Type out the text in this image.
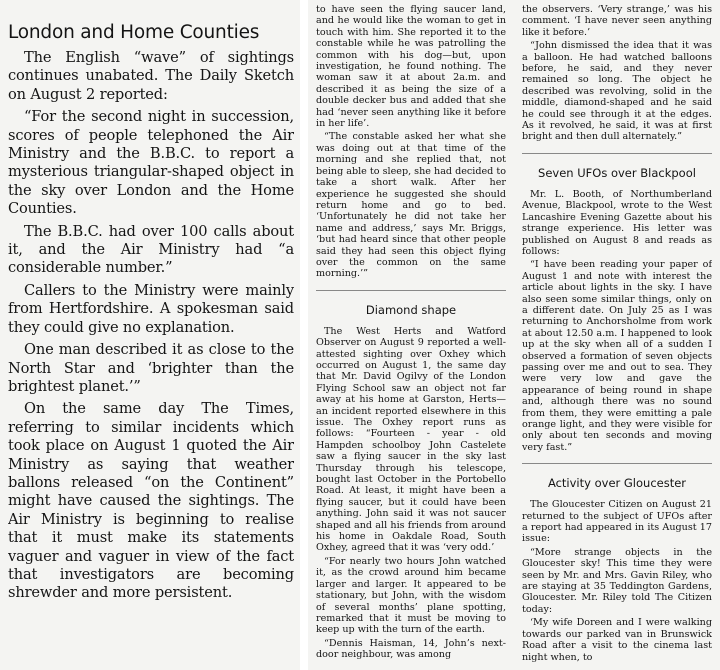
London and Home Counties

The English “wave” of sightings continues unabated. The Daily Sketch on August 2 reported:

“For the second night in succession, scores of people telephoned the Air Ministry and the B.B.C. to report a mysterious triangular-shaped object in the sky over London and the Home Counties.

The B.B.C. had over 100 calls about it, and the Air Ministry had “a considerable number.”

Callers to the Ministry were mainly from Hertfordshire. A spokesman said they could give no explanation.

One man described it as close to the North Star and ‘brighter than the brightest planet.’”

On the same day The Times, referring to similar incidents which took place on August 1 quoted the Air Ministry as saying that weather ballons released “on the Continent” might have caused the sightings. The Air Ministry is beginning to realise that it must make its statements vaguer and vaguer in view of the fact that investigators are becoming shrewder and more persistent.

to have seen the flying saucer land, and he would like the woman to get in touch with him. She reported it to the constable while he was patrolling the common with his dog—but, upon investigation, he found nothing. The woman saw it at about 2a.m. and described it as being the size of a double decker bus and added that she had ‘never seen anything like it before in her life’.

“The constable asked her what she was doing out at that time of the morning and she replied that, not being able to sleep, she had decided to take a short walk. After her experience he suggested she should return home and go to bed. ‘Unfortunately he did not take her name and address,’ says Mr. Briggs, ‘but had heard since that other people said they had seen this object flying over the common on the same morning.’”

Diamond shape

The West Herts and Watford Observer on August 9 reported a well-attested sighting over Oxhey which occurred on August 1, the same day that Mr. David Ogilvy of the London Flying School saw an object not far away at his home at Garston, Herts—an incident reported elsewhere in this issue. The Oxhey report runs as follows: “Fourteen - year - old Hampden schoolboy John Castelete saw a flying saucer in the sky last Thursday through his telescope, bought last October in the Portobello Road. At least, it might have been a flying saucer, but it could have been anything. John said it was not saucer shaped and all his friends from around his home in Oakdale Road, South Oxhey, agreed that it was ‘very odd.’

“For nearly two hours John watched it, as the crowd around him became larger and larger. It appeared to be stationary, but John, with the wisdom of several months’ plane spotting, remarked that it must be moving to keep up with the turn of the earth.

“Dennis Haisman, 14, John’s next-door neighbour, was among

the observers. ‘Very strange,’ was his comment. ‘I have never seen anything like it before.’

“John dismissed the idea that it was a balloon. He had watched balloons before, he said, and they never remained so long. The object he described was revolving, solid in the middle, diamond-shaped and he said he could see through it at the edges. As it revolved, he said, it was at first bright and then dull alternately.”

Seven UFOs over Blackpool

Mr. L. Booth, of Northumberland Avenue, Blackpool, wrote to the West Lancashire Evening Gazette about his strange experience. His letter was published on August 8 and reads as follows:

“I have been reading your paper of August 1 and note with interest the article about lights in the sky. I have also seen some similar things, only on a different date. On July 25 as I was returning to Anchorsholme from work at about 12.50 a.m. I happened to look up at the sky when all of a sudden I observed a formation of seven objects passing over me and out to sea. They were very low and gave the appearance of being round in shape and, although there was no sound from them, they were emitting a pale orange light, and they were visible for only about ten seconds and moving very fast.”

Activity over Gloucester

The Gloucester Citizen on August 21 returned to the subject of UFOs after a report had appeared in its August 17 issue:

“More strange objects in the Gloucester sky! This time they were seen by Mr. and Mrs. Gavin Riley, who are staying at 35 Teddington Gardens, Gloucester. Mr. Riley told The Citizen today:

‘My wife Doreen and I were walking towards our parked van in Brunswick Road after a visit to the cinema last night when, to
